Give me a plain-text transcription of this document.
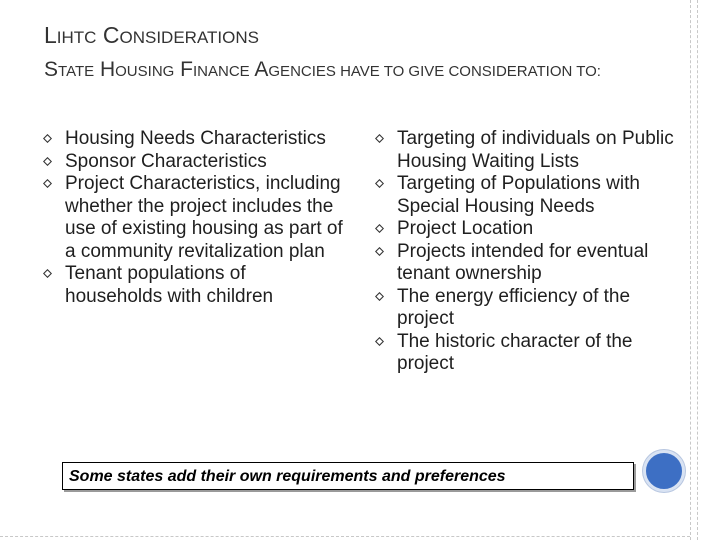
LIHTC CONSIDERATIONS
STATE HOUSING FINANCE AGENCIES HAVE TO GIVE CONSIDERATION TO:
Housing Needs Characteristics
Sponsor Characteristics
Project Characteristics, including whether the project includes the use of existing housing as part of a community revitalization plan
Tenant populations of households with children
Targeting of individuals on Public Housing Waiting Lists
Targeting of Populations with Special Housing Needs
Project Location
Projects intended for eventual tenant ownership
The energy efficiency of the project
The historic character of the project
Some states add their own requirements and preferences
